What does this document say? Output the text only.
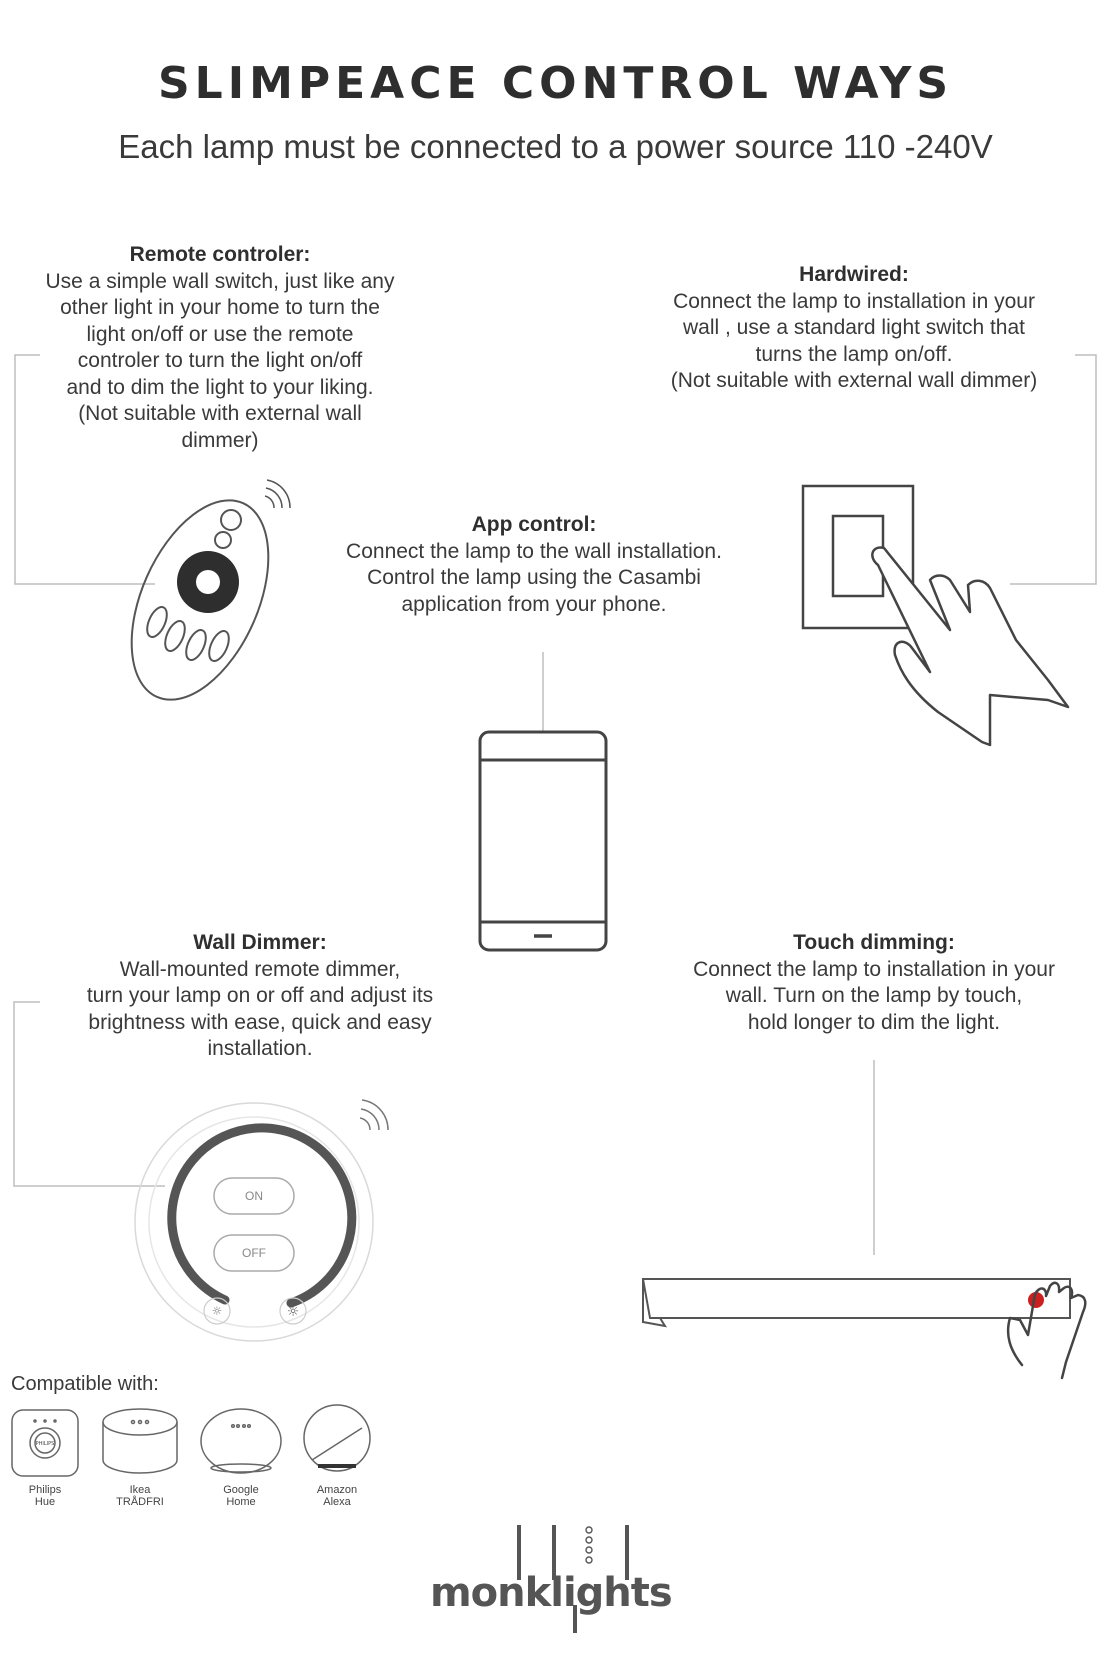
SLIMPEACE CONTROL WAYS
Each lamp must be connected to a power source 110 -240V
☼	☼
PHILIPS
Remote controler:
Use a simple wall switch, just like any
other light in your home to turn the
light on/off or use the remote
controler to turn the light on/off
and to dim the light to your liking.
(Not suitable with external wall
dimmer)
Hardwired:
Connect the lamp to installation in your
wall , use a standard light switch that
turns the lamp on/off.
(Not suitable with external wall dimmer)
App control:
Connect the lamp to the wall installation.
Control the lamp using the Casambi
application from your phone.
Wall Dimmer:
Wall-mounted remote dimmer,
turn your lamp on or off and adjust its
brightness with ease, quick and easy
installation.
ON
OFF
Touch dimming:
Connect the lamp to installation in your
wall. Turn on the lamp by touch,
hold longer to dim the light.
Compatible with:
Philips
Hue
Ikea
TRÅDFRI
Google
Home
Amazon
Alexa
monklights
